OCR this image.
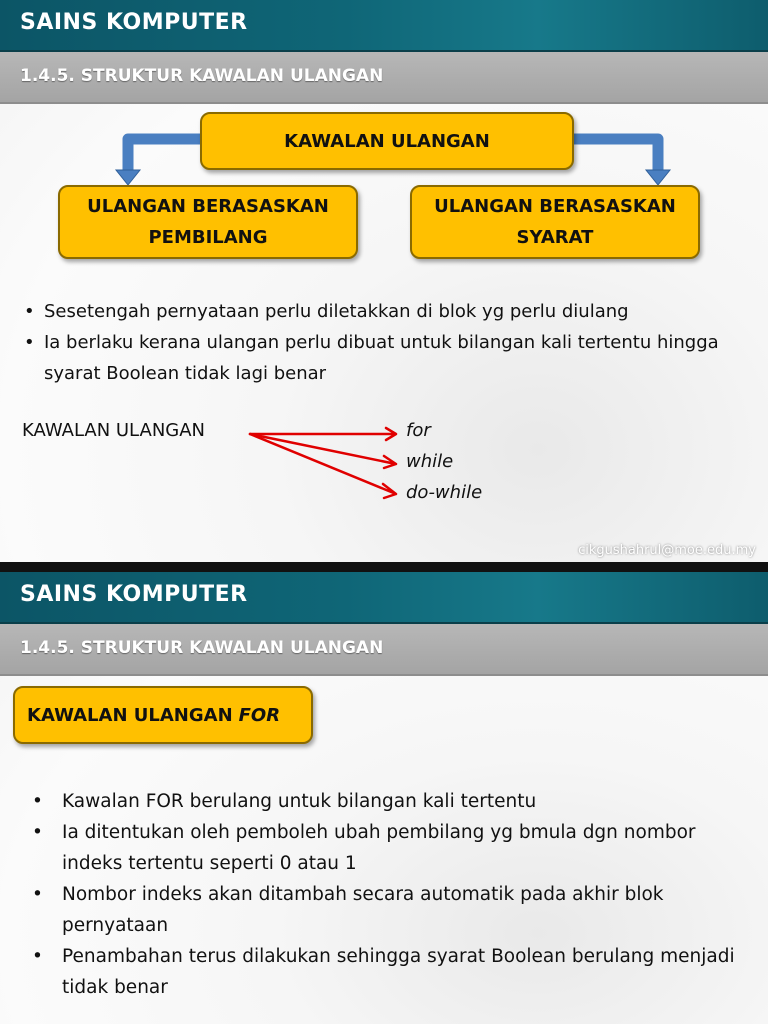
SAINS KOMPUTER
1.4.5. STRUKTUR KAWALAN ULANGAN
KAWALAN ULANGAN
ULANGAN BERASASKAN
PEMBILANG
ULANGAN BERASASKAN
SYARAT
• Sesetengah pernyataan perlu diletakkan di blok yg perlu diulang
• Ia berlaku kerana ulangan perlu dibuat untuk bilangan kali tertentu hingga syarat Boolean tidak lagi benar
KAWALAN ULANGAN	for
while
do-while
cikgushahrul@moe.edu.my
SAINS KOMPUTER
1.4.5. STRUKTUR KAWALAN ULANGAN
KAWALAN ULANGAN FOR
• Kawalan FOR berulang untuk bilangan kali tertentu
• Ia ditentukan oleh pemboleh ubah pembilang yg bmula dgn nombor indeks tertentu seperti 0 atau 1
• Nombor indeks akan ditambah secara automatik pada akhir blok pernyataan
• Penambahan terus dilakukan sehingga syarat Boolean berulang menjadi tidak benar
